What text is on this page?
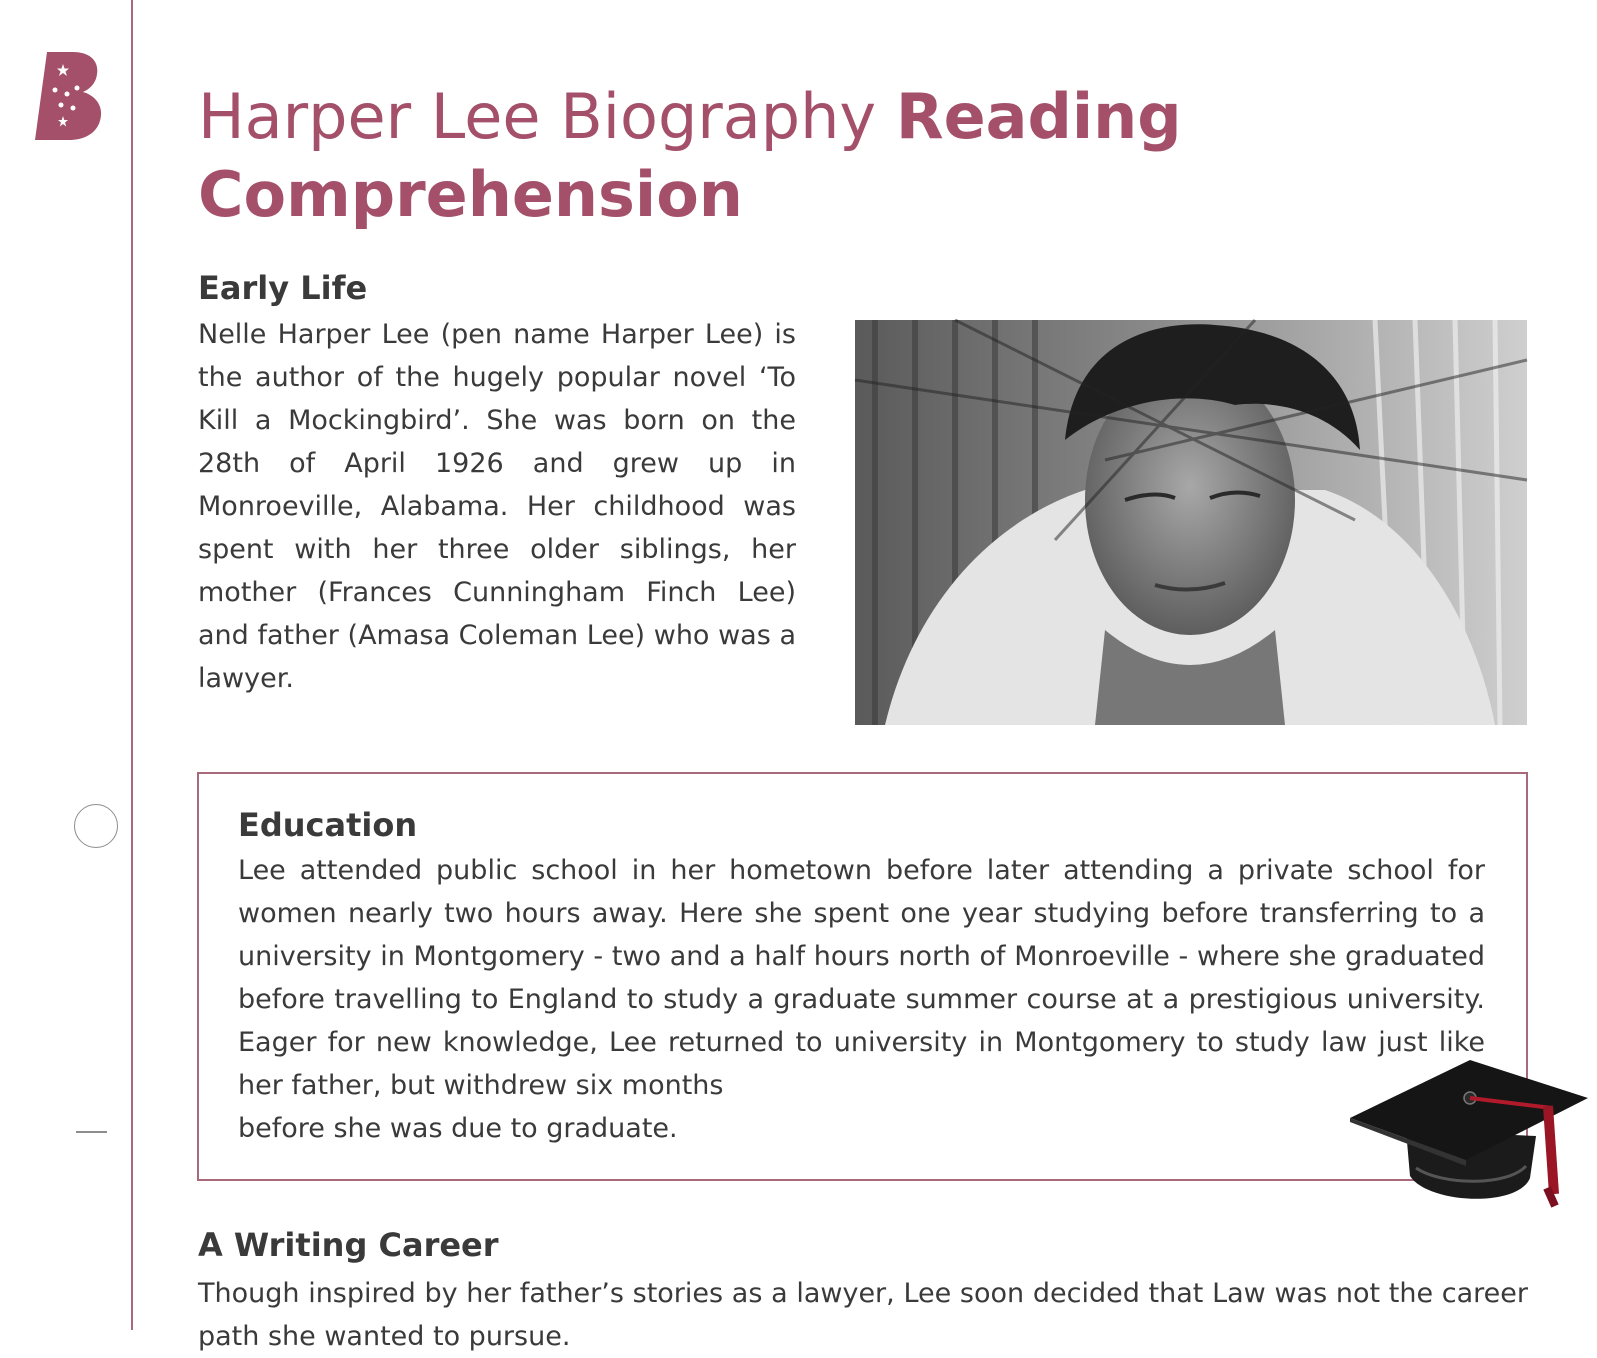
Harper Lee Biography Reading Comprehension
Early Life

Nelle Harper Lee (pen name Harper Lee) is the author of the hugely popular novel ‘To Kill a Mockingbird’. She was born on the 28th of April 1926 and grew up in Monroeville, Alabama. Her childhood was spent with her three older siblings, her mother (Frances Cunningham Finch Lee) and father (Amasa Coleman Lee) who was a lawyer.

Education

Lee attended public school in her hometown before later attending a private school for women nearly two hours away. Here she spent one year studying before transferring to a university in Montgomery - two and a half hours north of Monroeville - where she graduated before travelling to England to study a graduate summer course at a prestigious university. Eager for new knowledge, Lee returned to university in Montgomery to study law just like her father, but withdrew six months
before she was due to graduate.

A Writing Career

Though inspired by her father’s stories as a lawyer, Lee soon decided that Law was not the career path she wanted to pursue.
